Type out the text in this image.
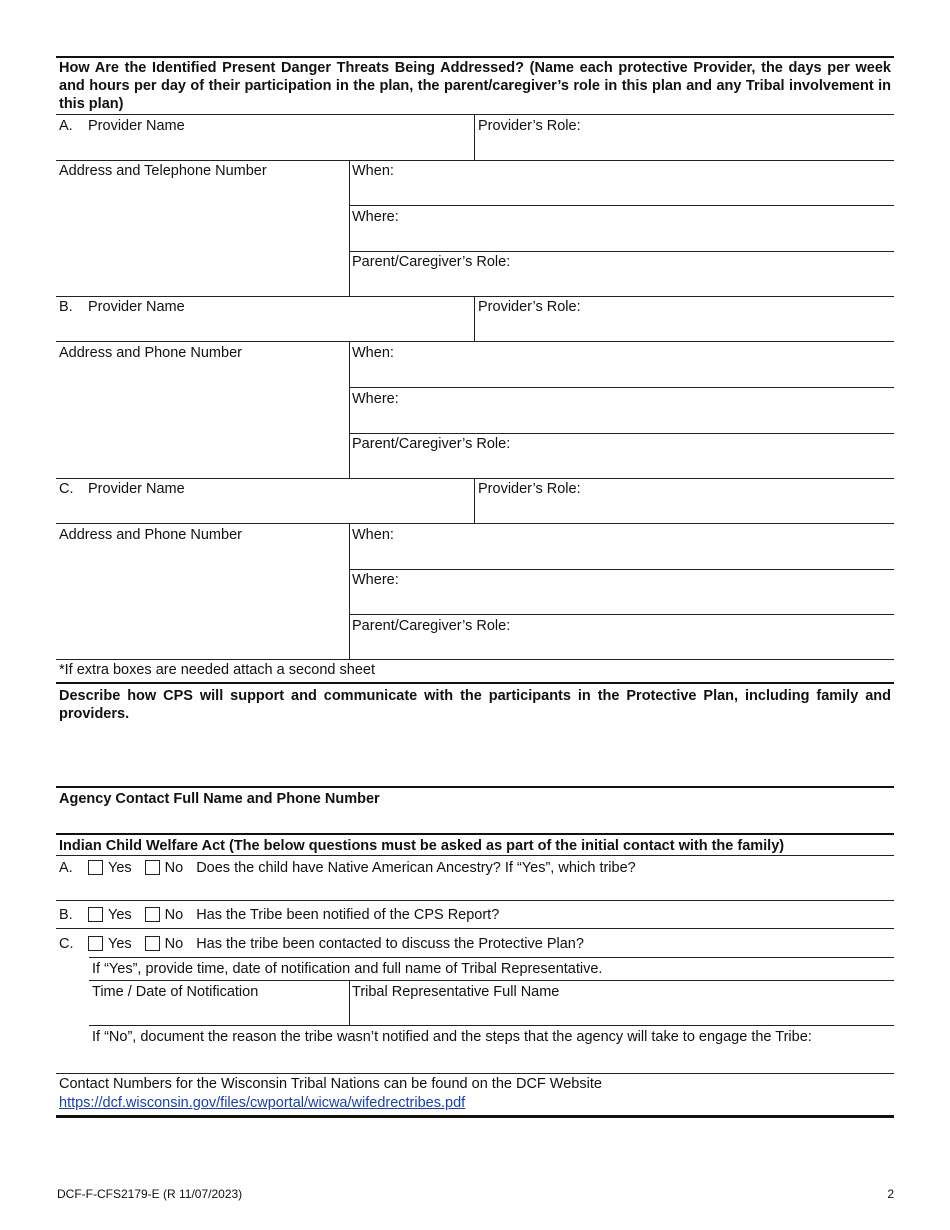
How Are the Identified Present Danger Threats Being Addressed? (Name each protective Provider, the days per week and hours per day of their participation in the plan, the parent/caregiver’s role in this plan and any Tribal involvement in this plan)
A. Provider Name	Provider’s Role:
Address and Telephone Number	When:
Where:
Parent/Caregiver’s Role:
B. Provider Name	Provider’s Role:
Address and Phone Number	When:
Where:
Parent/Caregiver’s Role:
C. Provider Name	Provider’s Role:
Address and Phone Number	When:
Where:
Parent/Caregiver’s Role:
*If extra boxes are needed attach a second sheet
Describe how CPS will support and communicate with the participants in the Protective Plan, including family and providers.
Agency Contact Full Name and Phone Number
Indian Child Welfare Act (The below questions must be asked as part of the initial contact with the family)
A. Yes No Does the child have Native American Ancestry? If “Yes”, which tribe?
B. Yes No Has the Tribe been notified of the CPS Report?
C. Yes No Has the tribe been contacted to discuss the Protective Plan?
If “Yes”, provide time, date of notification and full name of Tribal Representative.
Time / Date of Notification	Tribal Representative Full Name
If “No”, document the reason the tribe wasn’t notified and the steps that the agency will take to engage the Tribe:
Contact Numbers for the Wisconsin Tribal Nations can be found on the DCF Website
https://dcf.wisconsin.gov/files/cwportal/wicwa/wifedrectribes.pdf
DCF-F-CFS2179-E (R 11/07/2023)	2
